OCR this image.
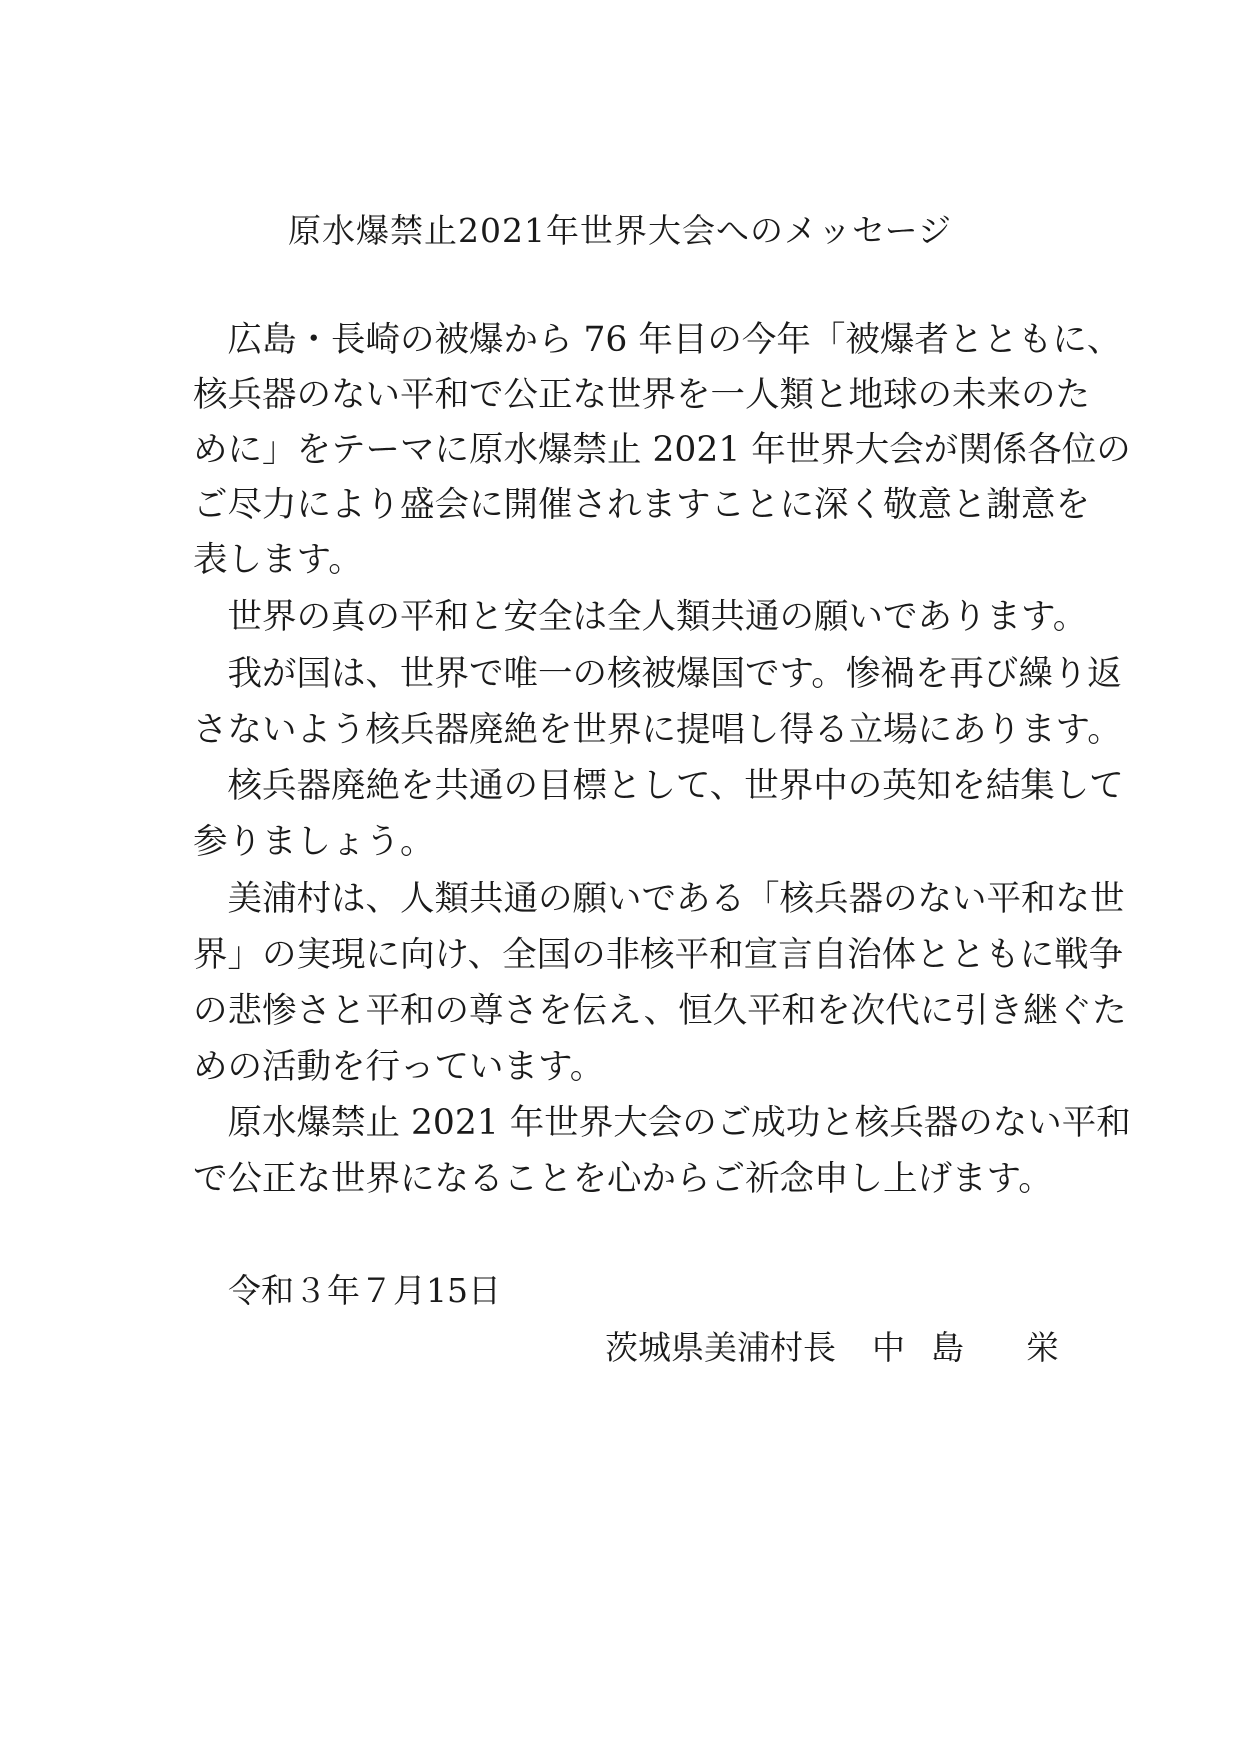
原水爆禁止2021年世界大会へのメッセージ
　広島・長崎の被爆から 76 年目の今年「被爆者とともに、
核兵器のない平和で公正な世界を一人類と地球の未来のた
めに」をテーマに原水爆禁止 2021 年世界大会が関係各位の
ご尽力により盛会に開催されますことに深く敬意と謝意を
表します。
　世界の真の平和と安全は全人類共通の願いであります。
　我が国は、世界で唯一の核被爆国です。惨禍を再び繰り返
さないよう核兵器廃絶を世界に提唱し得る立場にあります。
　核兵器廃絶を共通の目標として、世界中の英知を結集して
参りましょう。
　美浦村は、人類共通の願いである「核兵器のない平和な世
界」の実現に向け、全国の非核平和宣言自治体とともに戦争
の悲惨さと平和の尊さを伝え、恒久平和を次代に引き継ぐた
めの活動を行っています。
　原水爆禁止 2021 年世界大会のご成功と核兵器のない平和
で公正な世界になることを心からご祈念申し上げます。
令和３年７月15日
茨城県美浦村長 中 島 栄
